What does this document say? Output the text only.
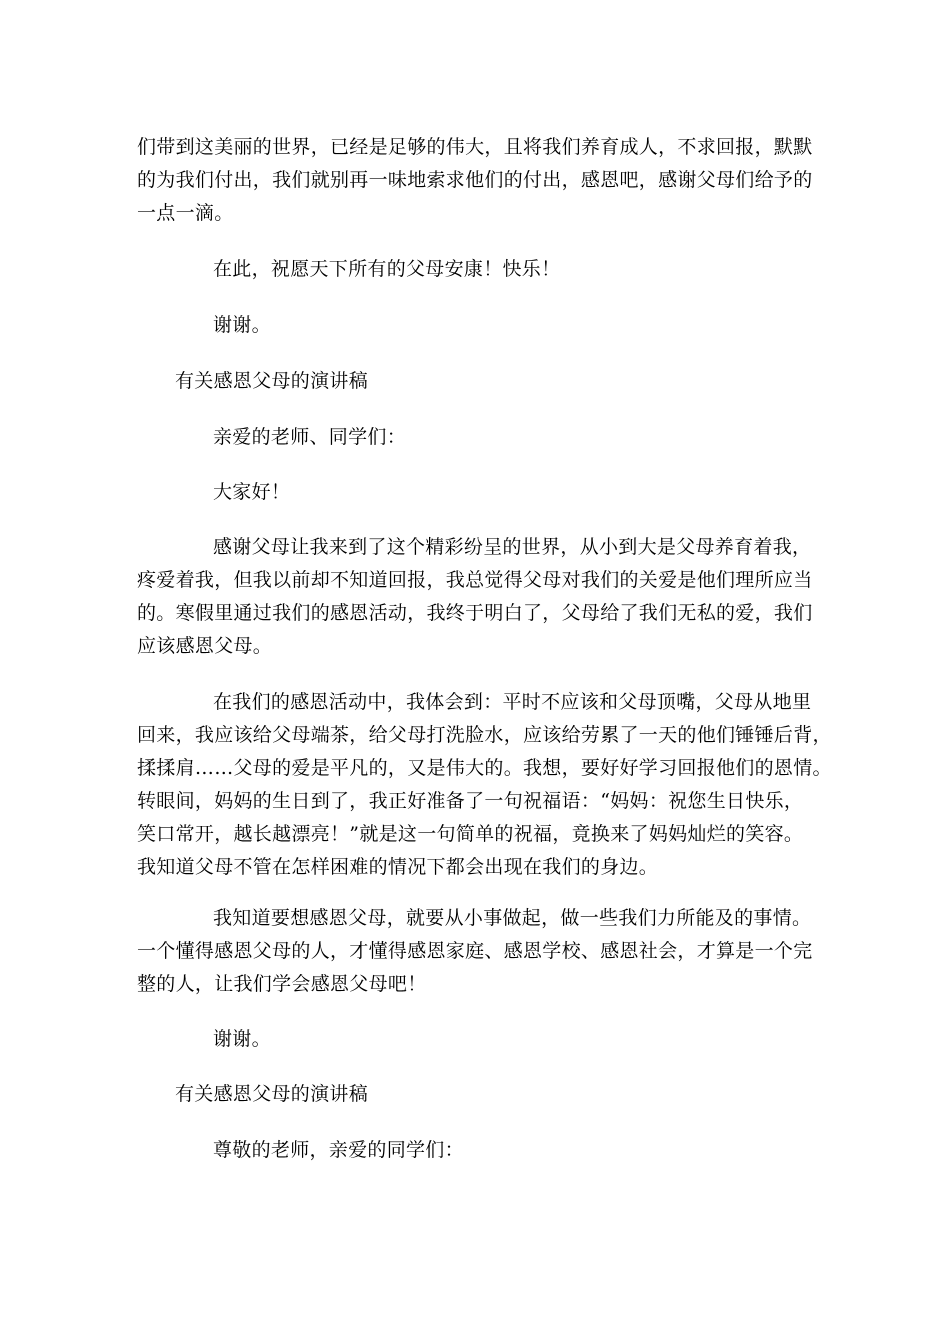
们带到这美丽的世界，已经是足够的伟大，且将我们养育成人，不求回报，默默
的为我们付出，我们就别再一味地索求他们的付出，感恩吧，感谢父母们给予的
一点一滴。
在此，祝愿天下所有的父母安康！快乐！
谢谢。
有关感恩父母的演讲稿
亲爱的老师、同学们：
大家好！
感谢父母让我来到了这个精彩纷呈的世界，从小到大是父母养育着我，
疼爱着我，但我以前却不知道回报，我总觉得父母对我们的关爱是他们理所应当
的。寒假里通过我们的感恩活动，我终于明白了，父母给了我们无私的爱，我们
应该感恩父母。
在我们的感恩活动中，我体会到：平时不应该和父母顶嘴，父母从地里
回来，我应该给父母端茶，给父母打洗脸水，应该给劳累了一天的他们锤锤后背，
揉揉肩……父母的爱是平凡的，又是伟大的。我想，要好好学习回报他们的恩情。
转眼间，妈妈的生日到了，我正好准备了一句祝福语：“妈妈：祝您生日快乐，
笑口常开，越长越漂亮！”就是这一句简单的祝福，竟换来了妈妈灿烂的笑容。
我知道父母不管在怎样困难的情况下都会出现在我们的身边。
我知道要想感恩父母，就要从小事做起，做一些我们力所能及的事情。
一个懂得感恩父母的人，才懂得感恩家庭、感恩学校、感恩社会，才算是一个完
整的人，让我们学会感恩父母吧！
谢谢。
有关感恩父母的演讲稿
尊敬的老师，亲爱的同学们：
